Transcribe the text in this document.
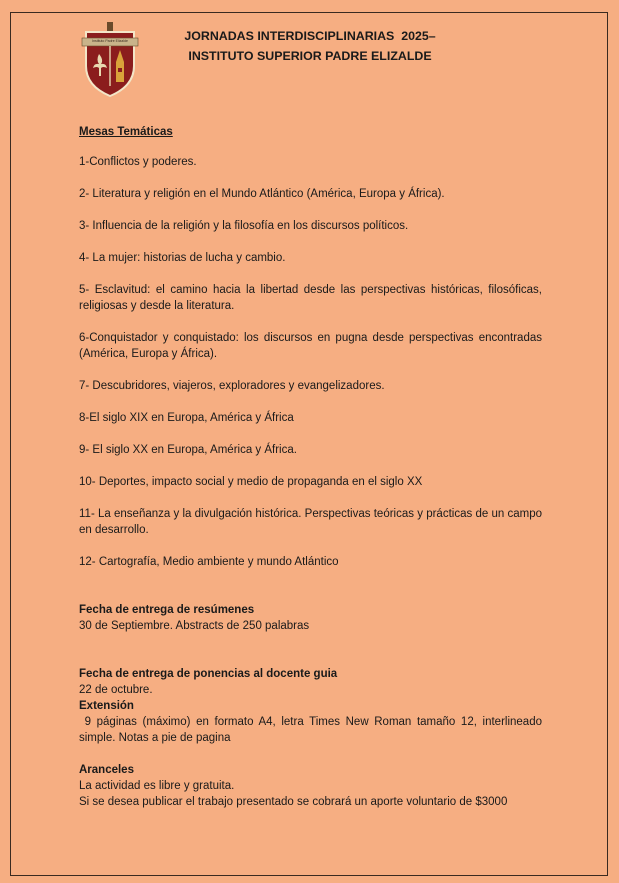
Instituto Padre Elizalde	JORNADAS INTERDISCIPLINARIAS  2025–
INSTITUTO SUPERIOR PADRE ELIZALDE
Mesas Temáticas
1-Conflictos y poderes.
2- Literatura y religión en el Mundo Atlántico (América, Europa y África).
3- Influencia de la religión y la filosofía en los discursos políticos.
4- La mujer: historias de lucha y cambio.
5- Esclavitud: el camino hacia la libertad desde las perspectivas históricas, filosóficas, religiosas y desde la literatura.
6-Conquistador y conquistado: los discursos en pugna desde perspectivas encontradas (América, Europa y África).
7- Descubridores, viajeros, exploradores y evangelizadores.
8-El siglo XIX en Europa, América y África
9- El siglo XX en Europa, América y África.
10- Deportes, impacto social y medio de propaganda en el siglo XX
11- La enseñanza y la divulgación histórica. Perspectivas teóricas y prácticas de un campo en desarrollo.
12- Cartografía, Medio ambiente y mundo Atlántico
Fecha de entrega de resúmenes
30 de Septiembre. Abstracts de 250 palabras
Fecha de entrega de ponencias al docente guia
22 de octubre.
Extensión
9 páginas (máximo) en formato A4, letra Times New Roman tamaño 12, interlineado simple. Notas a pie de pagina
Aranceles
La actividad es libre y gratuita.
Si se desea publicar el trabajo presentado se cobrará un aporte voluntario de $3000
